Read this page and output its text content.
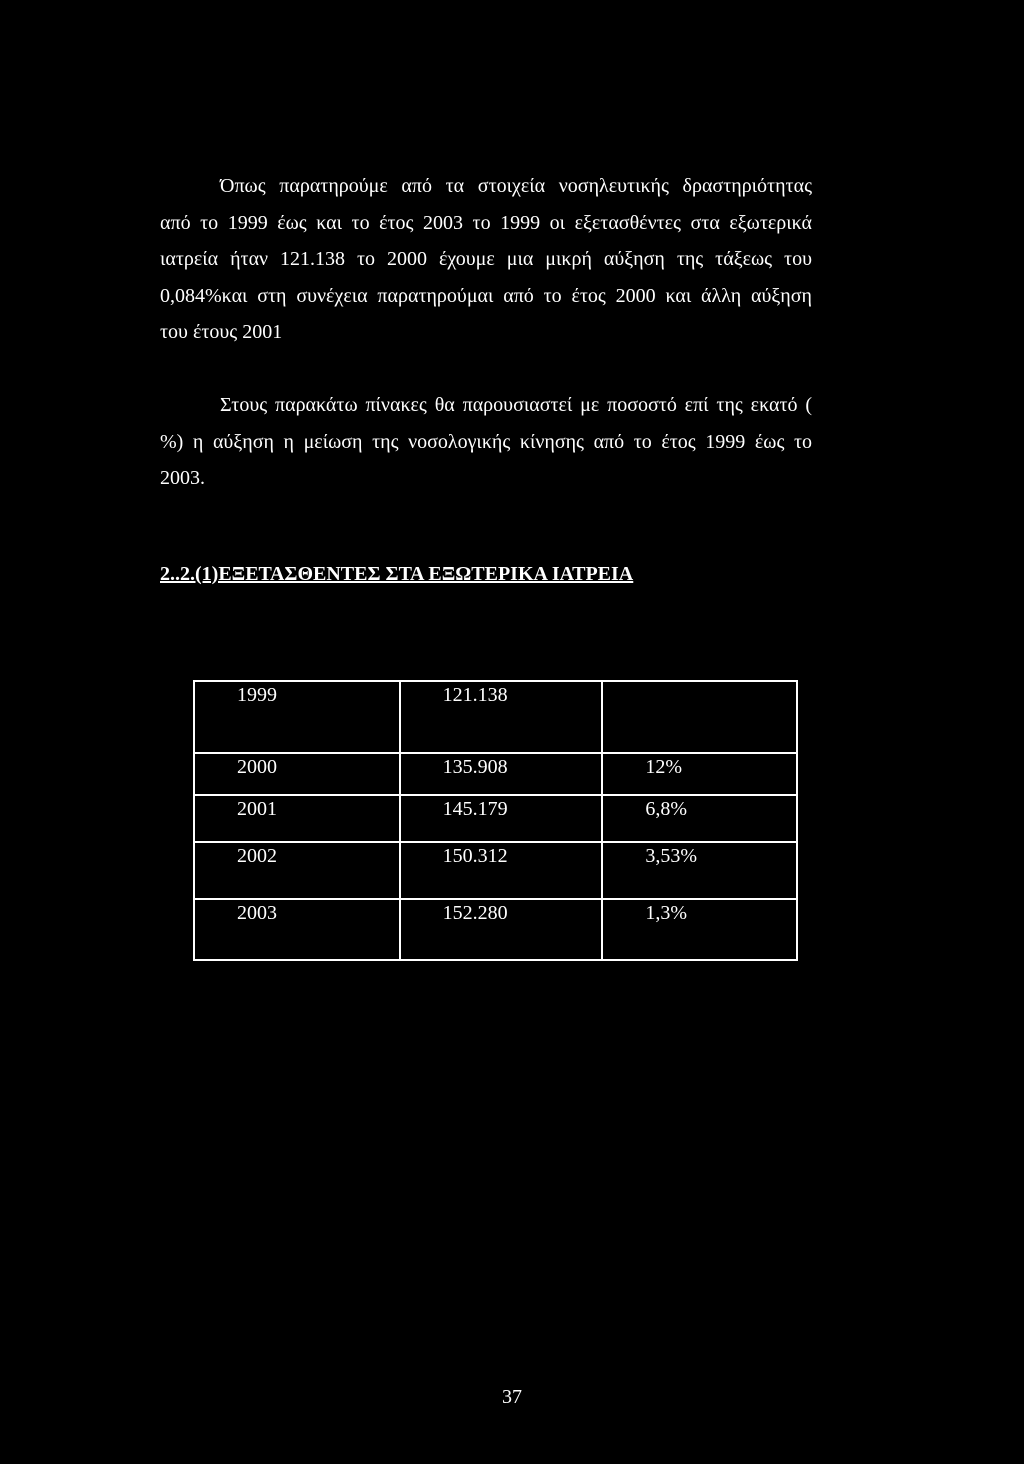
Όπως παρατηρούμε από τα στοιχεία νοσηλευτικής δραστηριότητας
από το 1999 έως και το έτος 2003 το 1999 οι εξετασθέντες στα εξωτερικά
ιατρεία ήταν 121.138 το 2000 έχουμε μια μικρή αύξηση της τάξεως του
0,084%και στη συνέχεια παρατηρούμαι από το έτος 2000 και άλλη αύξηση
του έτους 2001
Στους παρακάτω πίνακες θα παρουσιαστεί με ποσοστό επί της εκατό (
%) η αύξηση η μείωση της νοσολογικής κίνησης από το έτος 1999 έως το
2003.

2..2.(1)ΕΞΕΤΑΣΘΕΝΤΕΣ ΣΤΑ ΕΞΩΤΕΡΙΚΑ ΙΑΤΡΕΙΑ

1999	121.138	
2000	135.908	12%
2001	145.179	6,8%
2002	150.312	3,53%
2003	152.280	1,3%

37
